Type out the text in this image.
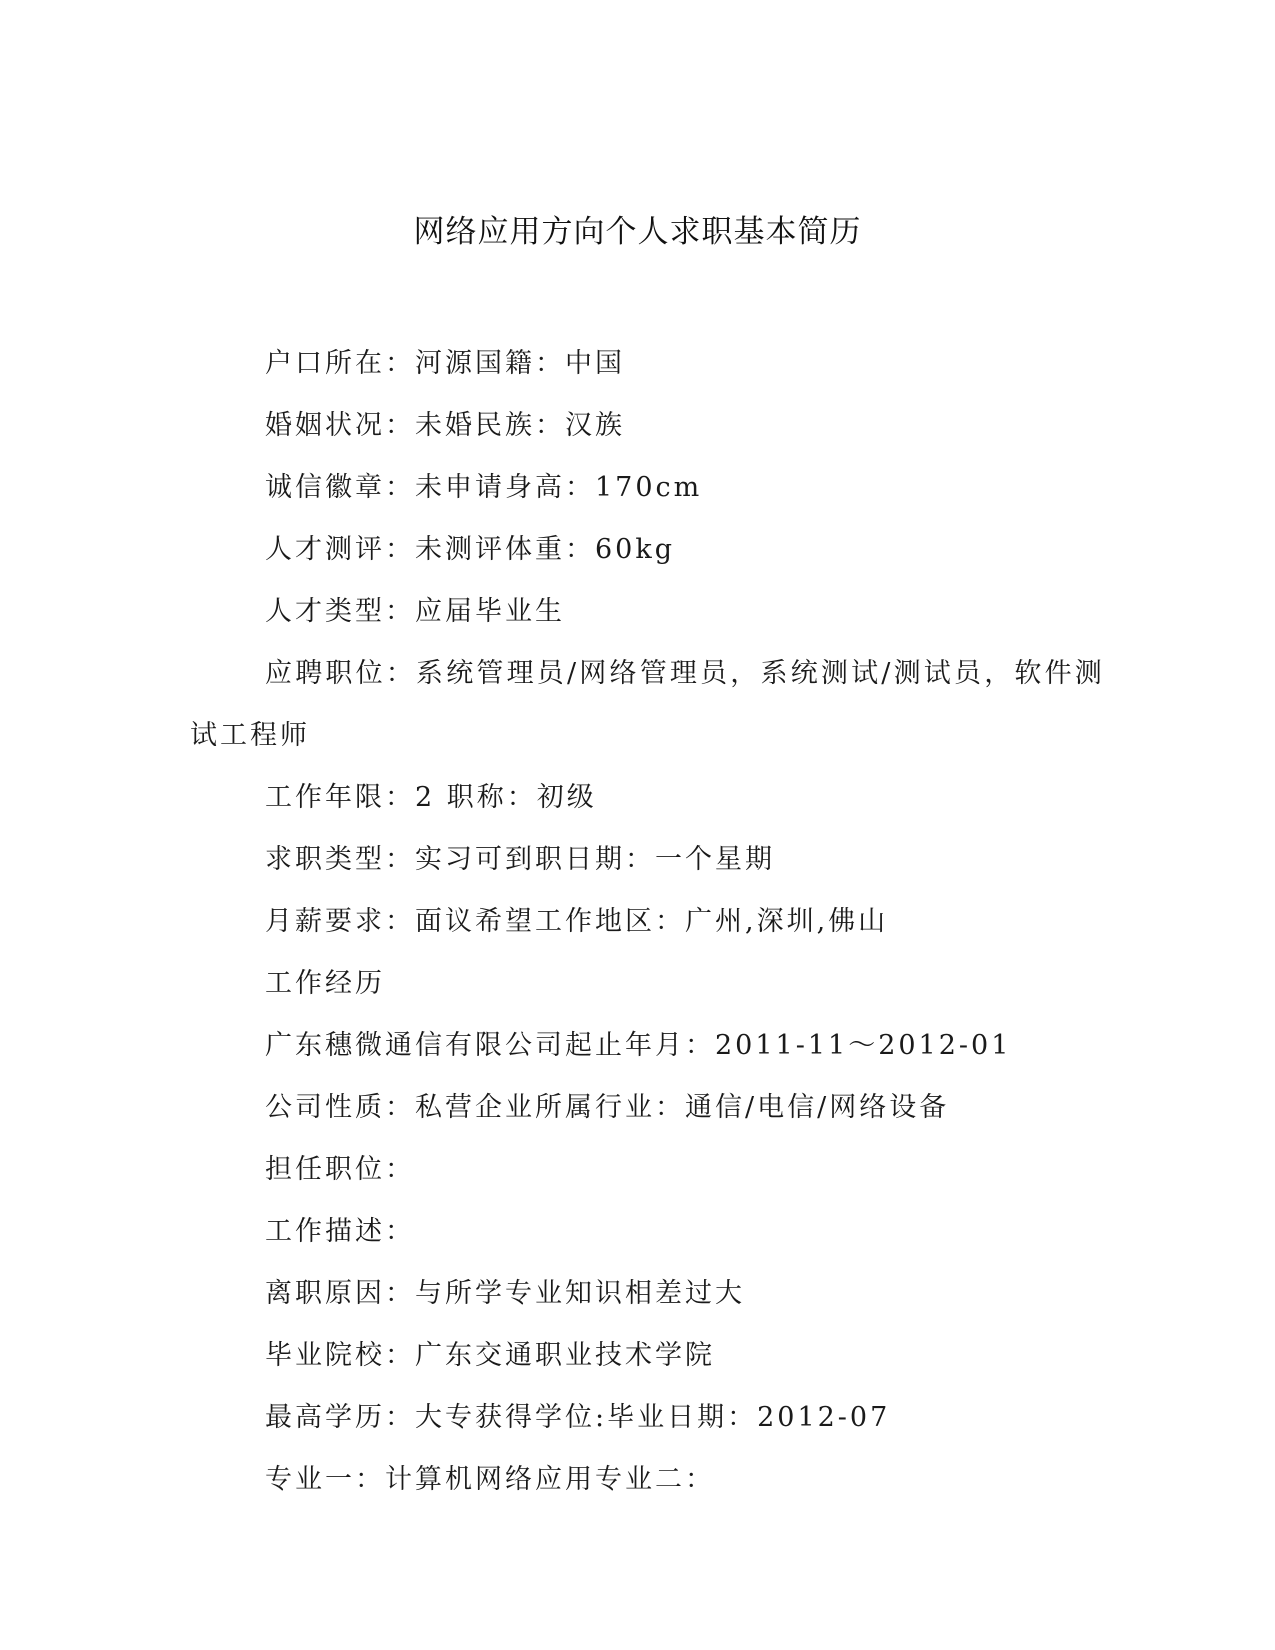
网络应用方向个人求职基本简历
户口所在：河源国籍：中国
婚姻状况：未婚民族：汉族
诚信徽章：未申请身高：170cm
人才测评：未测评体重：60kg
人才类型：应届毕业生
应聘职位：系统管理员/网络管理员，系统测试/测试员，软件测
试工程师
工作年限：2 职称：初级
求职类型：实习可到职日期：一个星期
月薪要求：面议希望工作地区：广州,深圳,佛山
工作经历
广东穗微通信有限公司起止年月：2011-11～2012-01
公司性质：私营企业所属行业：通信/电信/网络设备
担任职位：
工作描述：
离职原因：与所学专业知识相差过大
毕业院校：广东交通职业技术学院
最高学历：大专获得学位:毕业日期：2012-07
专业一：计算机网络应用专业二：
